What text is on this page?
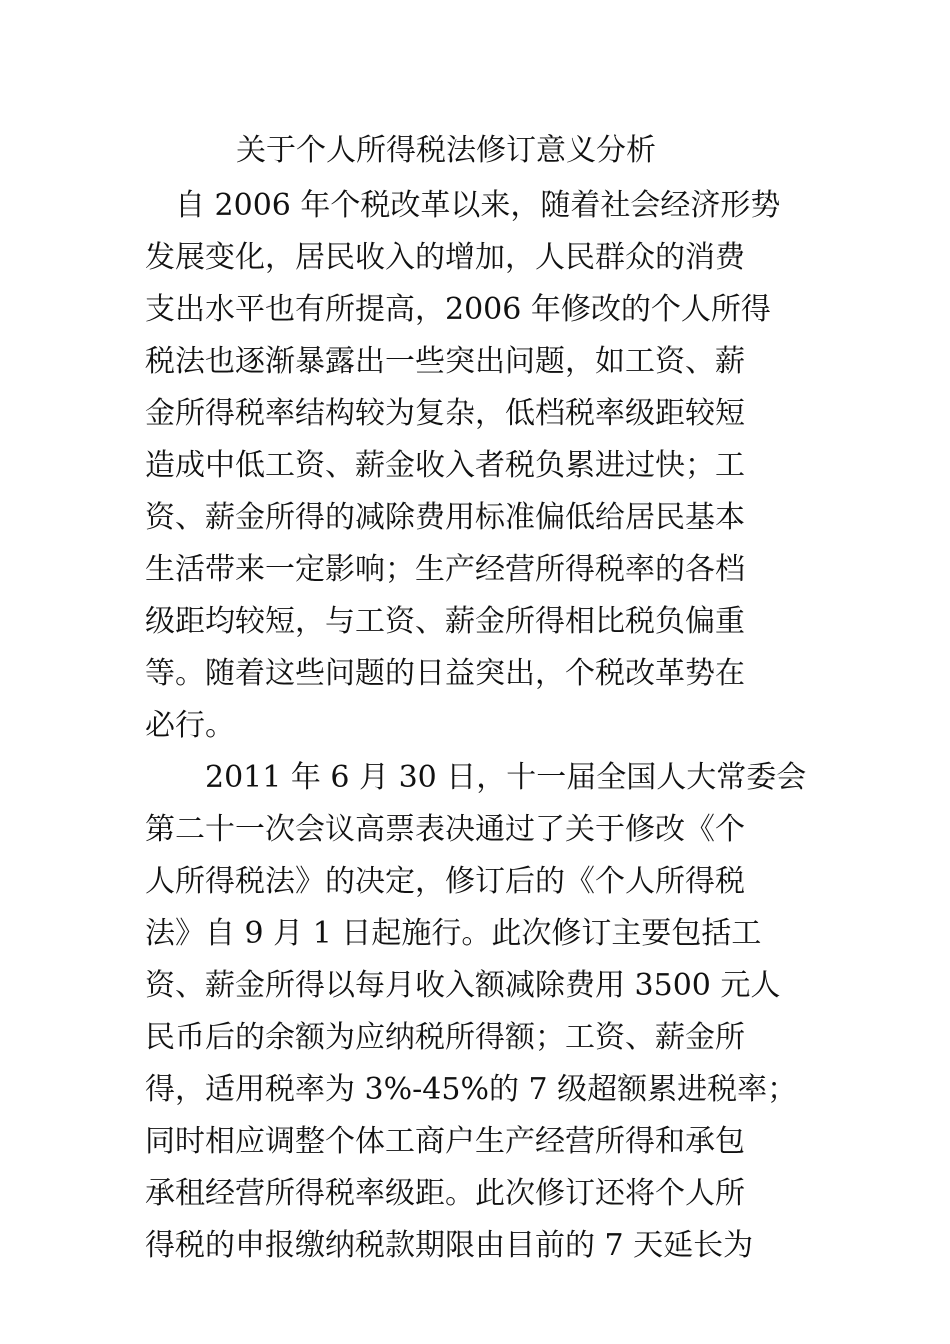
关于个人所得税法修订意义分析
自 2006 年个税改革以来，随着社会经济形势
发展变化，居民收入的增加，人民群众的消费
支出水平也有所提高，2006 年修改的个人所得
税法也逐渐暴露出一些突出问题，如工资、薪
金所得税率结构较为复杂，低档税率级距较短
造成中低工资、薪金收入者税负累进过快；工
资、薪金所得的减除费用标准偏低给居民基本
生活带来一定影响；生产经营所得税率的各档
级距均较短，与工资、薪金所得相比税负偏重
等。随着这些问题的日益突出，个税改革势在
必行。
2011 年 6 月 30 日，十一届全国人大常委会
第二十一次会议高票表决通过了关于修改《个
人所得税法》的决定，修订后的《个人所得税
法》自 9 月 1 日起施行。此次修订主要包括工
资、薪金所得以每月收入额减除费用 3500 元人
民币后的余额为应纳税所得额；工资、薪金所
得，适用税率为 3%-45%的 7 级超额累进税率；
同时相应调整个体工商户生产经营所得和承包
承租经营所得税率级距。此次修订还将个人所
得税的申报缴纳税款期限由目前的 7 天延长为
